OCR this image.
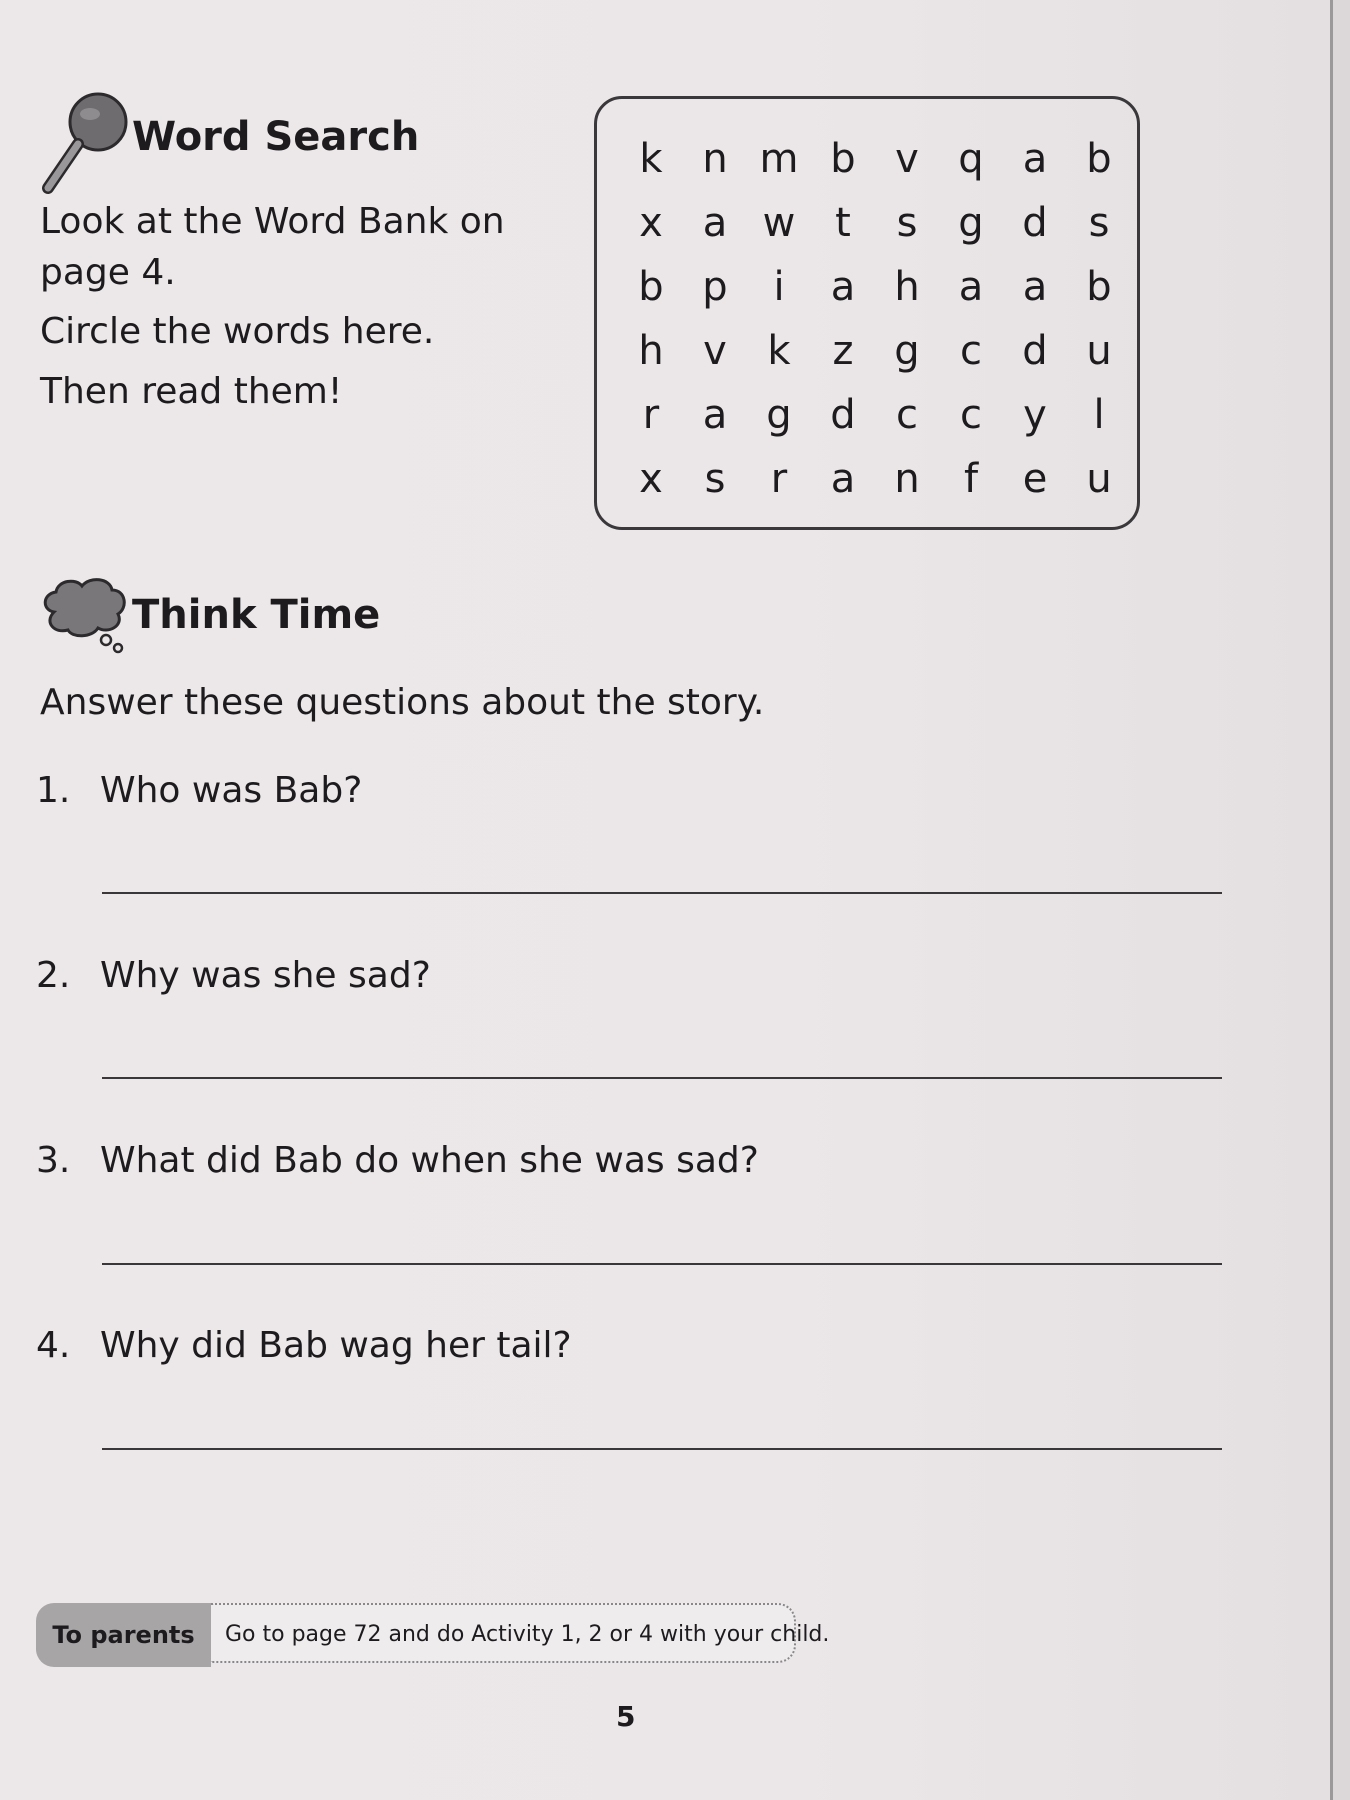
Word Search
Look at the Word Bank on
page 4.
Circle the words here.
Then read them!
k n m b v q a b
x a w t	s	g d	s
b p	i	a h a a b
h v	k	z	g	c	d u
r	a g d	c	c	y	l
x	s	r	a n	f	e u
Think Time
Answer these questions about the story.
1. Who was Bab?
2. Why was she sad?
3. What did Bab do when she was sad?
4. Why did Bab wag her tail?
To parents	Go to page 72 and do Activity 1, 2 or 4 with your child.
5
